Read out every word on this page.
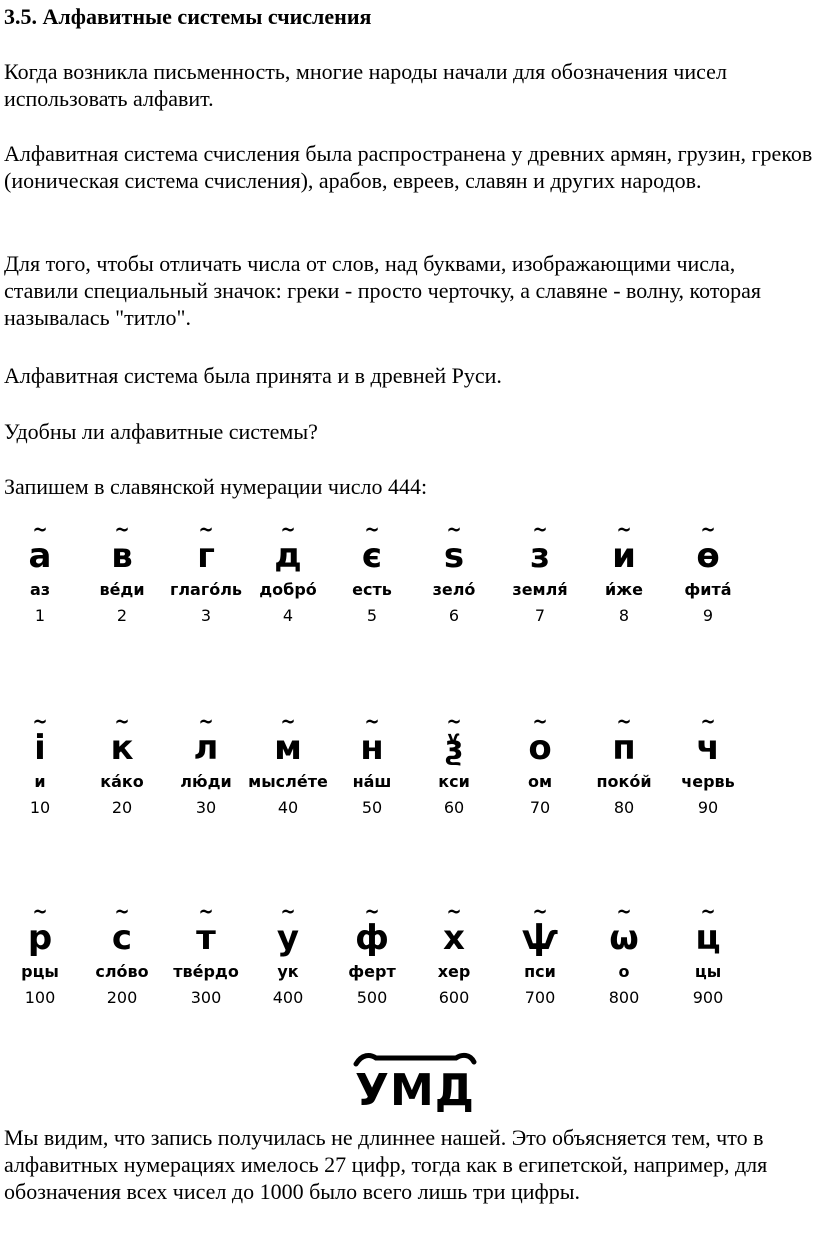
3.5. Алфавитные системы счисления

Когда возникла письменность, многие народы начали для обозначения чисел использовать алфавит.

Алфавитная система счисления была распространена у древних армян, грузин, греков (ионическая система счисления), арабов, евреев, славян и других народов.

Для того, чтобы отличать числа от слов, над буквами, изображающими числа, ставили специальный значок: греки - просто черточку, а славяне - волну, которая называлась "титло".

Алфавитная система была принята и в древней Руси.

Удобны ли алфавитные системы?

Запишем в славянской нумерации число 444:

~
а
аз
1
~
в
ве́ди
2
~
г
глаго́ль
3
~
д
добро́
4
~
є
есть
5
~
ѕ
зело́
6
~
з
земля́
7
~
и
и́же
8
~
ѳ
фита́
9
~
і
и
10
~
к
ка́ко
20
~
л
лю́ди
30
~
м
мысле́те
40
~
н
на́ш
50
~
ѯ
кси
60
~
о
ом
70
~
п
поко́й
80
~
ч
червь
90
~
р
рцы
100
~
с
сло́во
200
~
т
тве́рдо
300
~
у
ук
400
~
ф
ферт
500
~
х
хер
600
~
ѱ
пси
700
~
ѡ
о
800
~
ц
цы
900
УМД

Мы видим, что запись получилась не длиннее нашей. Это объясняется тем, что в алфавитных нумерациях имелось 27 цифр, тогда как в египетской, например, для обозначения всех чисел до 1000 было всего лишь три цифры.
